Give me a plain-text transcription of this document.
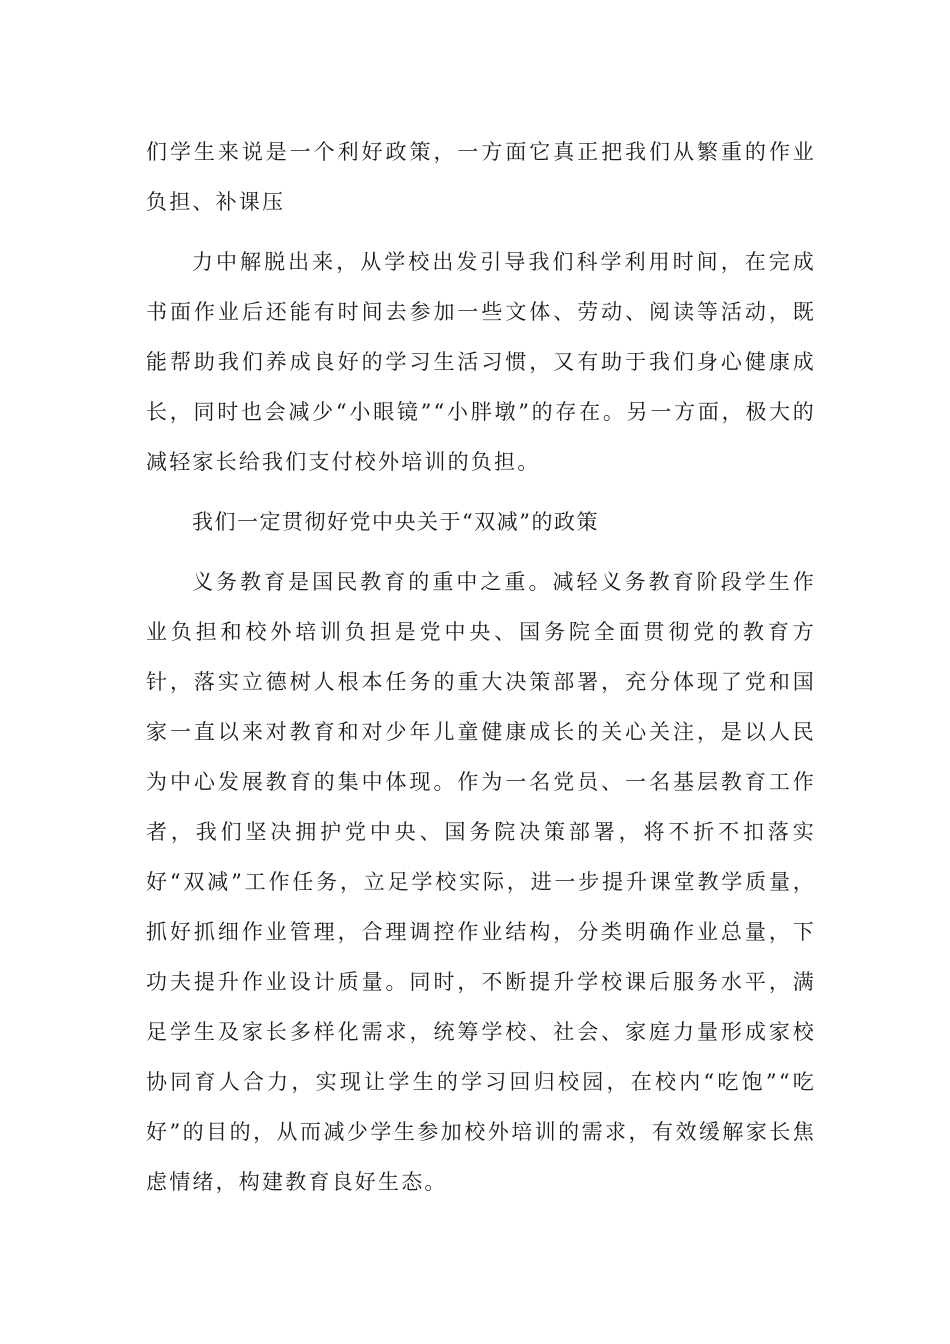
们学生来说是一个利好政策，一方面它真正把我们从繁重的作业负担、补课压

力中解脱出来，从学校出发引导我们科学利用时间，在完成书面作业后还能有时间去参加一些文体、劳动、阅读等活动，既能帮助我们养成良好的学习生活习惯，又有助于我们身心健康成长，同时也会减少“小眼镜”“小胖墩”的存在。另一方面，极大的减轻家长给我们支付校外培训的负担。

我们一定贯彻好党中央关于“双减”的政策

义务教育是国民教育的重中之重。减轻义务教育阶段学生作业负担和校外培训负担是党中央、国务院全面贯彻党的教育方针，落实立德树人根本任务的重大决策部署，充分体现了党和国家一直以来对教育和对少年儿童健康成长的关心关注，是以人民为中心发展教育的集中体现。作为一名党员、一名基层教育工作者，我们坚决拥护党中央、国务院决策部署，将不折不扣落实好“双减”工作任务，立足学校实际，进一步提升课堂教学质量，抓好抓细作业管理，合理调控作业结构，分类明确作业总量，下功夫提升作业设计质量。同时，不断提升学校课后服务水平，满足学生及家长多样化需求，统筹学校、社会、家庭力量形成家校协同育人合力，实现让学生的学习回归校园，在校内“吃饱”“吃好”的目的，从而减少学生参加校外培训的需求，有效缓解家长焦虑情绪，构建教育良好生态。
